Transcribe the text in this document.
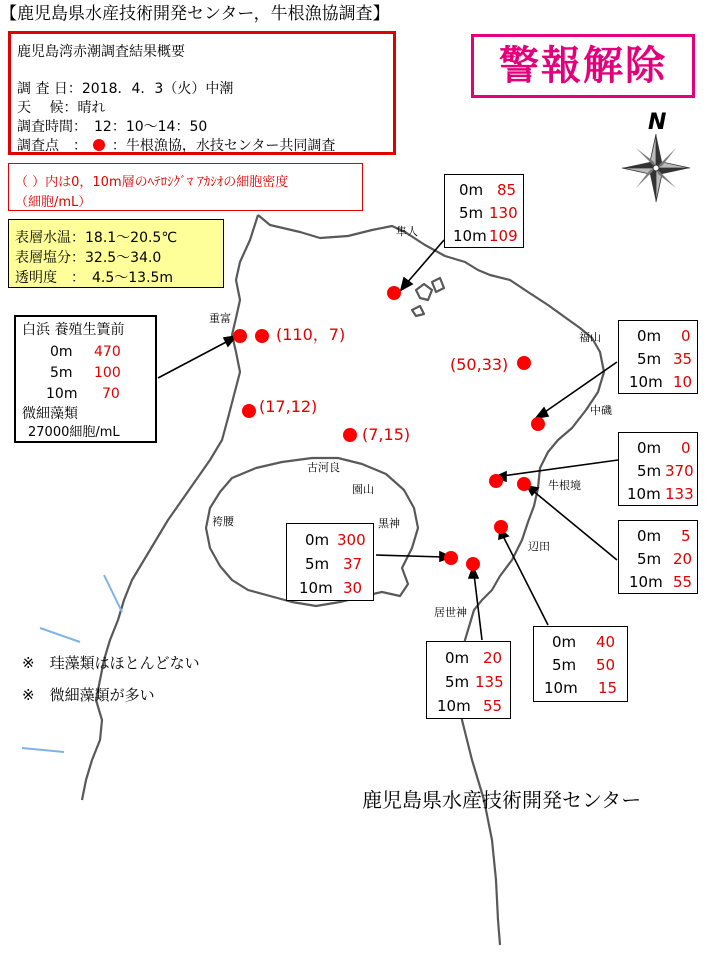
【鹿児島県水産技術開発センター，牛根漁協調査】
鹿児島湾赤潮調査結果概要
調 査 日：2018．4．3（火）中潮
天　 候：晴れ
調査時間：　12：10～14：50
調査点　： ：牛根漁協，水技センター共同調査
警報解除
N
（ ）内は0，10m層のﾍﾃﾛｼｸﾞﾏ ｱｶｼｵの細胞密度
（細胞/mL）
表層水温：18.1～20.5℃
表層塩分：32.5～34.0
透明度　：　4.5～13.5m
白浜 養殖生簀前
0m 470
5m 100
10m 70
微細藻類
27000細胞/mL
0m 85
5m 130
10m 109
0m 0
5m 35
10m 10
0m 0
5m 370
10m 133
0m 5
5m 20
10m 55
0m 40
5m 50
10m 15
0m 300
5m 37
10m 30
0m 20
5m 135
10m 55
(110，7)
(50,33)
(17,12)
(7,15)
隼人
重富
福山
中磯
牛根境
古河良
園山
袴腰	黒神
辺田
居世神
※　珪藻類はほとんどない
※　微細藻類が多い
鹿児島県水産技術開発センター
